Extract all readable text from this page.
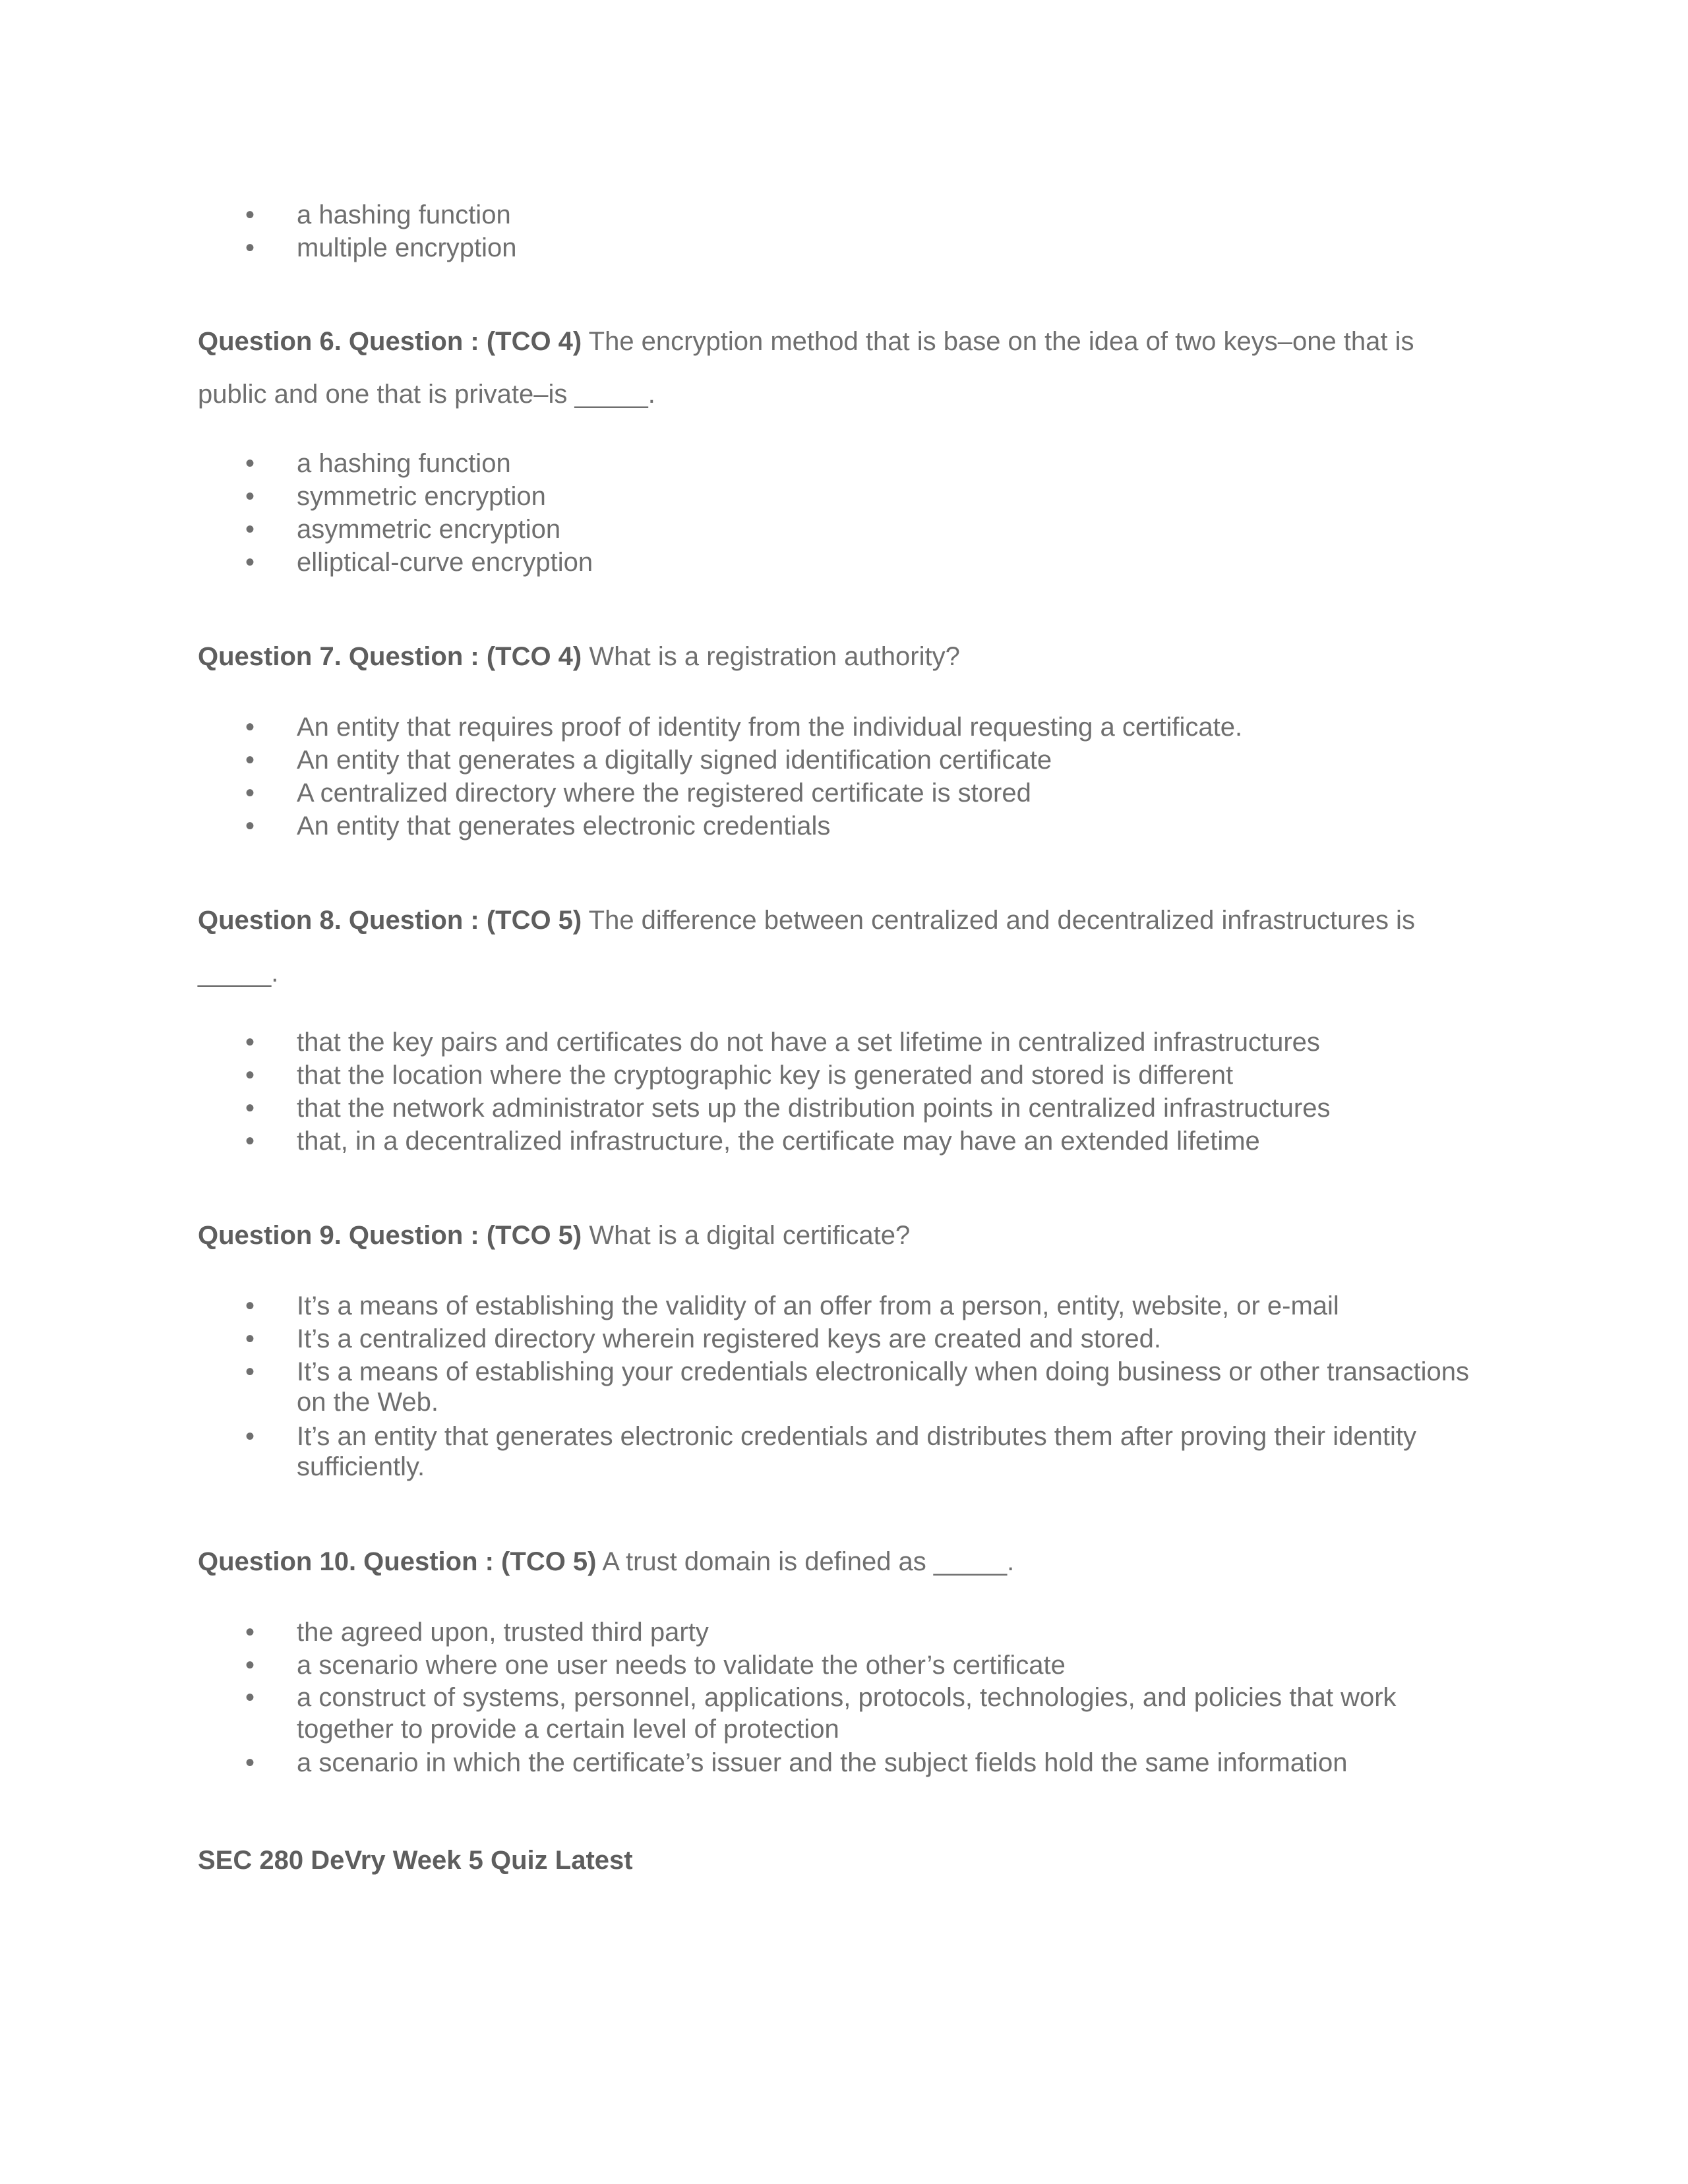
• a hashing function
• multiple encryption

Question 6. Question : (TCO 4) The encryption method that is base on the idea of two keys–one that is public and one that is private–is _____.

• a hashing function
• symmetric encryption
• asymmetric encryption
• elliptical-curve encryption

Question 7. Question : (TCO 4) What is a registration authority?

• An entity that requires proof of identity from the individual requesting a certificate.
• An entity that generates a digitally signed identification certificate
• A centralized directory where the registered certificate is stored
• An entity that generates electronic credentials

Question 8. Question : (TCO 5) The difference between centralized and decentralized infrastructures is _____.

• that the key pairs and certificates do not have a set lifetime in centralized infrastructures
• that the location where the cryptographic key is generated and stored is different
• that the network administrator sets up the distribution points in centralized infrastructures
• that, in a decentralized infrastructure, the certificate may have an extended lifetime

Question 9. Question : (TCO 5) What is a digital certificate?

• It’s a means of establishing the validity of an offer from a person, entity, website, or e-mail
• It’s a centralized directory wherein registered keys are created and stored.
• It’s a means of establishing your credentials electronically when doing business or other transactions on the Web.
• It’s an entity that generates electronic credentials and distributes them after proving their identity sufficiently.

Question 10. Question : (TCO 5) A trust domain is defined as _____.

• the agreed upon, trusted third party
• a scenario where one user needs to validate the other’s certificate
• a construct of systems, personnel, applications, protocols, technologies, and policies that work together to provide a certain level of protection
• a scenario in which the certificate’s issuer and the subject fields hold the same information

SEC 280 DeVry Week 5 Quiz Latest
